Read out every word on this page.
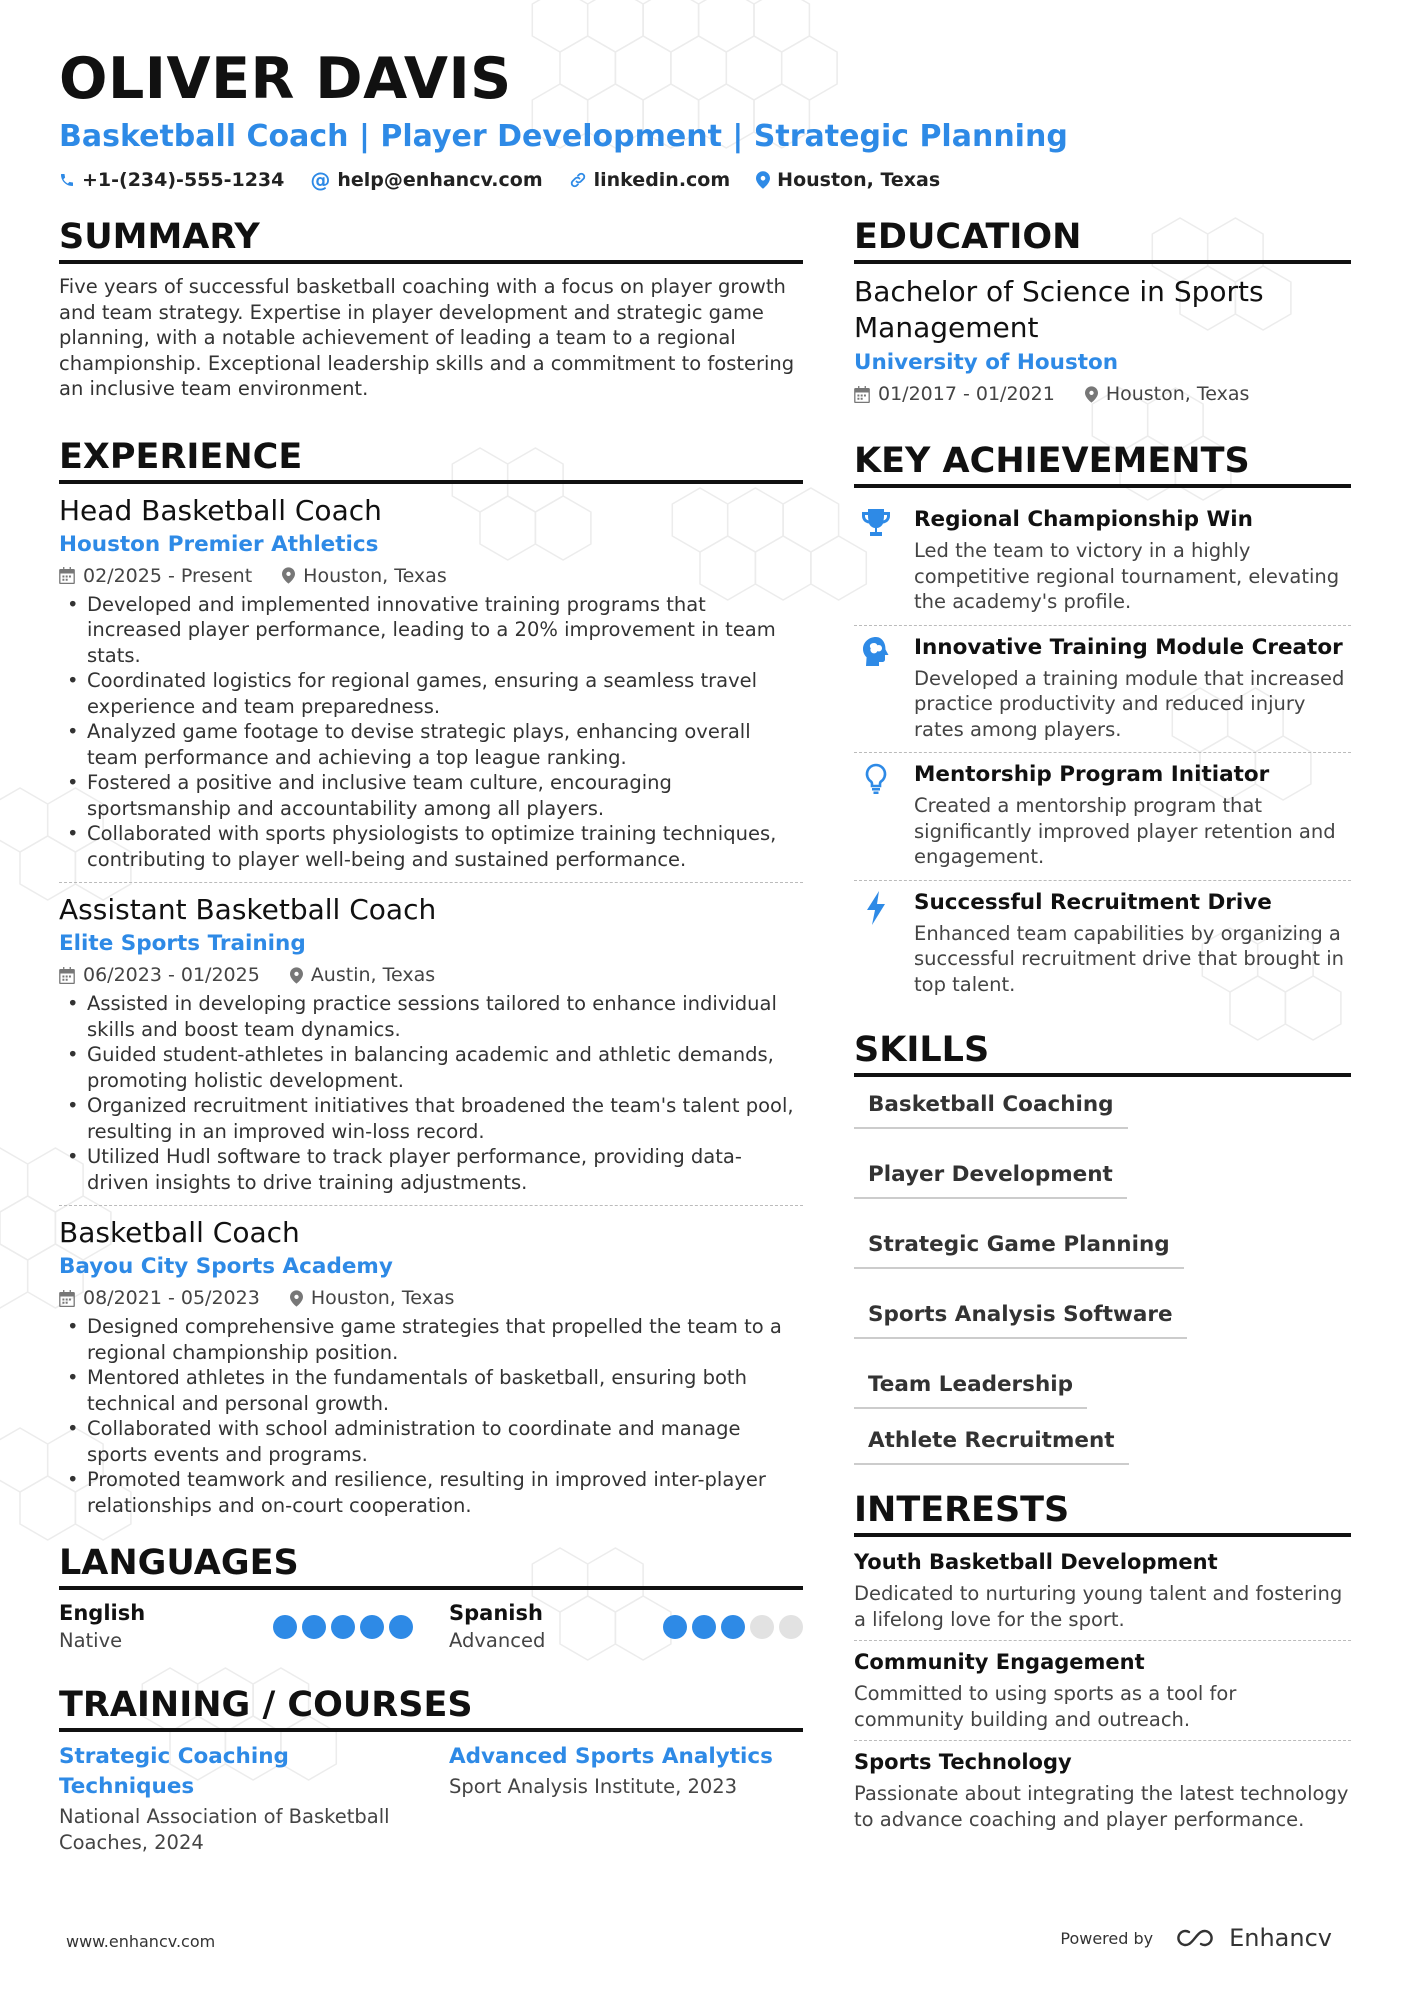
OLIVER DAVIS
Basketball Coach | Player Development | Strategic Planning
+1-(234)-555-1234 @ help@enhancv.com	linkedin.com Houston, Texas
SUMMARY

Five years of successful basketball coaching with a focus on player growth and team strategy. Expertise in player development and strategic game planning, with a notable achievement of leading a team to a regional championship. Exceptional leadership skills and a commitment to fostering an inclusive team environment.

EXPERIENCE
Head Basketball Coach
Houston Premier Athletics
02/2025 - Present	Houston, Texas
• Developed and implemented innovative training programs that increased player performance, leading to a 20% improvement in team stats.
• Coordinated logistics for regional games, ensuring a seamless travel experience and team preparedness.
• Analyzed game footage to devise strategic plays, enhancing overall team performance and achieving a top league ranking.
• Fostered a positive and inclusive team culture, encouraging sportsmanship and accountability among all players.
• Collaborated with sports physiologists to optimize training techniques, contributing to player well-being and sustained performance.
Assistant Basketball Coach
Elite Sports Training
06/2023 - 01/2025	Austin, Texas
• Assisted in developing practice sessions tailored to enhance individual skills and boost team dynamics.
• Guided student-athletes in balancing academic and athletic demands, promoting holistic development.
• Organized recruitment initiatives that broadened the team's talent pool, resulting in an improved win-loss record.
• Utilized Hudl software to track player performance, providing data-driven insights to drive training adjustments.
Basketball Coach
Bayou City Sports Academy
08/2021 - 05/2023	Houston, Texas
• Designed comprehensive game strategies that propelled the team to a regional championship position.
• Mentored athletes in the fundamentals of basketball, ensuring both technical and personal growth.
• Collaborated with school administration to coordinate and manage sports events and programs.
• Promoted teamwork and resilience, resulting in improved inter-player relationships and on-court cooperation.
LANGUAGES
English
Native
Spanish
Advanced
TRAINING / COURSES
Strategic Coaching Techniques
National Association of Basketball Coaches, 2024
Advanced Sports Analytics
Sport Analysis Institute, 2023
EDUCATION
Bachelor of Science in Sports Management
University of Houston
01/2017 - 01/2021	Houston, Texas
KEY ACHIEVEMENTS
Regional Championship Win
Led the team to victory in a highly competitive regional tournament, elevating the academy's profile.
Innovative Training Module Creator
Developed a training module that increased practice productivity and reduced injury rates among players.
Mentorship Program Initiator
Created a mentorship program that significantly improved player retention and engagement.
Successful Recruitment Drive
Enhanced team capabilities by organizing a successful recruitment drive that brought in top talent.
SKILLS
Basketball Coaching
Player Development
Strategic Game Planning
Sports Analysis Software
Team Leadership
Athlete Recruitment
INTERESTS
Youth Basketball Development
Dedicated to nurturing young talent and fostering a lifelong love for the sport.
Community Engagement
Committed to using sports as a tool for community building and outreach.
Sports Technology
Passionate about integrating the latest technology to advance coaching and player performance.
www.enhancv.com	Powered by	Enhancv
